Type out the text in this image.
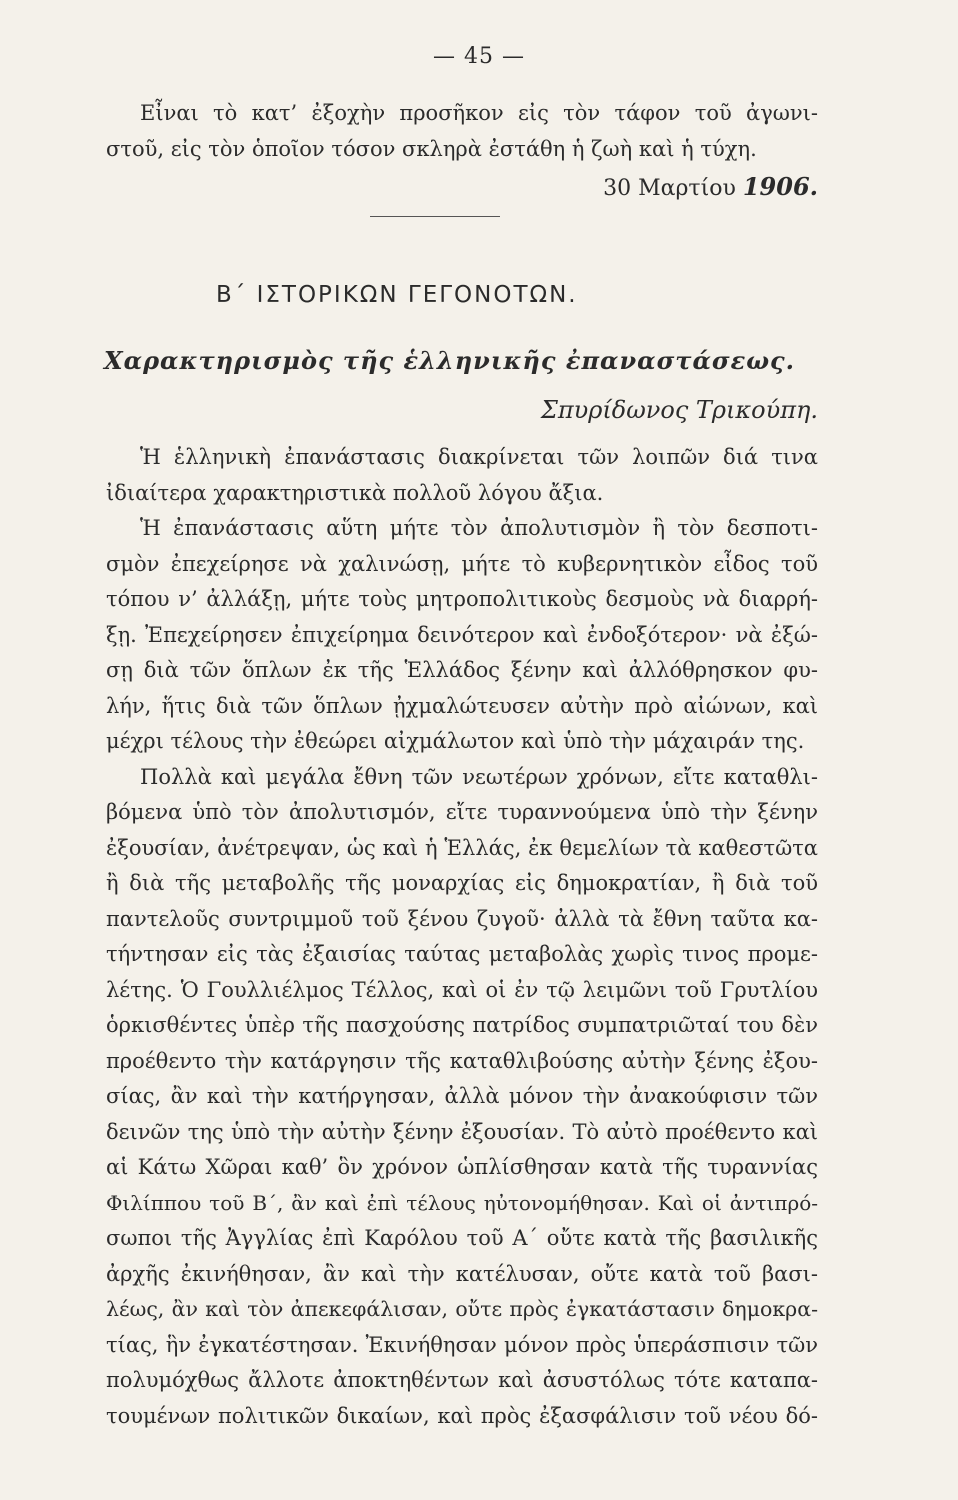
— 45 —
Εἶναι τὸ κατ’ ἐξοχὴν προσῆκον εἰς τὸν τάφον τοῦ ἀγωνι-
στοῦ, εἰς τὸν ὁποῖον τόσον σκληρὰ ἐστάθη ἡ ζωὴ καὶ ἡ τύχη.
30 Μαρτίου 1906.
Β΄ ΙΣΤΟΡΙΚΩΝ ΓΕΓΟΝΟΤΩΝ.
Χαρακτηρισμὸς τῆς ἑλληνικῆς ἐπαναστάσεως.
Σπυρίδωνος Τρικούπη.
Ἡ ἑλληνικὴ ἐπανάστασις διακρίνεται τῶν λοιπῶν διά τινα
ἰδιαίτερα χαρακτηριστικὰ πολλοῦ λόγου ἄξια.
Ἡ ἐπανάστασις αὕτη μήτε τὸν ἀπολυτισμὸν ἢ τὸν δεσποτι-
σμὸν ἐπεχείρησε νὰ χαλινώσῃ, μήτε τὸ κυβερνητικὸν εἶδος τοῦ
τόπου ν’ ἀλλάξῃ, μήτε τοὺς μητροπολιτικοὺς δεσμοὺς νὰ διαρρή-
ξῃ. Ἐπεχείρησεν ἐπιχείρημα δεινότερον καὶ ἐνδοξότερον· νὰ ἐξώ-
σῃ διὰ τῶν ὅπλων ἐκ τῆς Ἑλλάδος ξένην καὶ ἀλλόθρησκον φυ-
λήν, ἥτις διὰ τῶν ὅπλων ᾐχμαλώτευσεν αὐτὴν πρὸ αἰώνων, καὶ
μέχρι τέλους τὴν ἐθεώρει αἰχμάλωτον καὶ ὑπὸ τὴν μάχαιράν της.
Πολλὰ καὶ μεγάλα ἔθνη τῶν νεωτέρων χρόνων, εἴτε καταθλι-
βόμενα ὑπὸ τὸν ἀπολυτισμόν, εἴτε τυραννούμενα ὑπὸ τὴν ξένην
ἐξουσίαν, ἀνέτρεψαν, ὡς καὶ ἡ Ἑλλάς, ἐκ θεμελίων τὰ καθεστῶτα
ἢ διὰ τῆς μεταβολῆς τῆς μοναρχίας εἰς δημοκρατίαν, ἢ διὰ τοῦ
παντελοῦς συντριμμοῦ τοῦ ξένου ζυγοῦ· ἀλλὰ τὰ ἔθνη ταῦτα κα-
τήντησαν εἰς τὰς ἐξαισίας ταύτας μεταβολὰς χωρὶς τινος προμε-
λέτης. Ὁ Γουλλιέλμος Τέλλος, καὶ οἱ ἐν τῷ λειμῶνι τοῦ Γρυτλίου
ὁρκισθέντες ὑπὲρ τῆς πασχούσης πατρίδος συμπατριῶταί του δὲν
προέθεντο τὴν κατάργησιν τῆς καταθλιβούσης αὐτὴν ξένης ἐξου-
σίας, ἂν καὶ τὴν κατήργησαν, ἀλλὰ μόνον τὴν ἀνακούφισιν τῶν
δεινῶν της ὑπὸ τὴν αὐτὴν ξένην ἐξουσίαν. Τὸ αὐτὸ προέθεντο καὶ
αἱ Κάτω Χῶραι καθ’ ὃν χρόνον ὡπλίσθησαν κατὰ τῆς τυραννίας
Φιλίππου τοῦ Β΄, ἂν καὶ ἐπὶ τέλους ηὐτονομήθησαν. Καὶ οἱ ἀντιπρό-
σωποι τῆς Ἀγγλίας ἐπὶ Καρόλου τοῦ Α΄ οὔτε κατὰ τῆς βασιλικῆς
ἀρχῆς ἐκινήθησαν, ἂν καὶ τὴν κατέλυσαν, οὔτε κατὰ τοῦ βασι-
λέως, ἂν καὶ τὸν ἀπεκεφάλισαν, οὔτε πρὸς ἐγκατάστασιν δημοκρα-
τίας, ἣν ἐγκατέστησαν. Ἐκινήθησαν μόνον πρὸς ὑπεράσπισιν τῶν
πολυμόχθως ἄλλοτε ἀποκτηθέντων καὶ ἀσυστόλως τότε καταπα-
τουμένων πολιτικῶν δικαίων, καὶ πρὸς ἐξασφάλισιν τοῦ νέου δό-
